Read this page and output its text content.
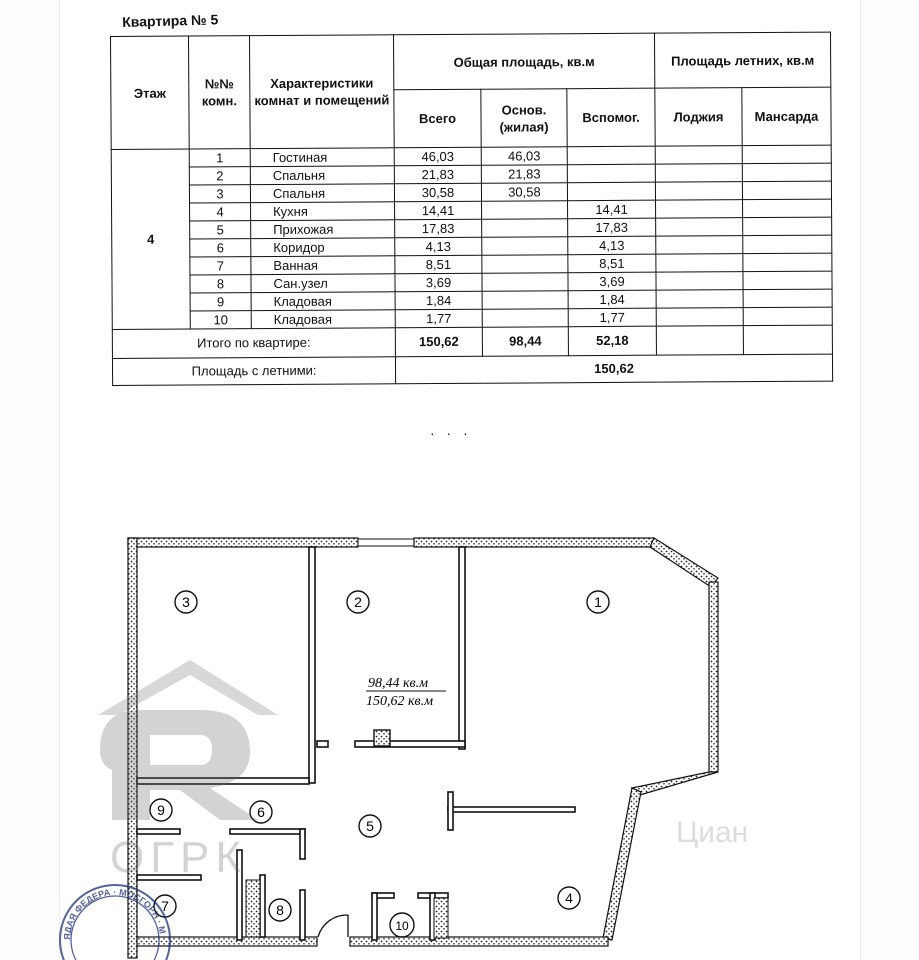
Квартира № 5
Этаж	№№ комн.	Характеристики комнат и помещений	Общая площадь, кв.м			Площадь летних, кв.м	
			Всего	Основ. (жилая)	Вспомог.	Лоджия	Мансарда
4	1	Гостиная	46,03	46,03			
	2	Спальня	21,83	21,83			
	3	Спальня	30,58	30,58			
	4	Кухня	14,41		14,41		
	5	Прихожая	17,83		17,83		
	6	Коридор	4,13		4,13		
	7	Ванная	8,51		8,51		
	8	Сан.узел	3,69		3,69		
	9	Кладовая	1,84		1,84		
	10	Кладовая	1,77		1,77		
Итого по квартире:			150,62	98,44	52,18		
Площадь с летними:			150,62				
· · ·
3	2	1
5
9	6
7	8
4
10
98,44 кв.м
150,62 кв.м
ОГРК
Циан
ЯДАЯ ФЕДЕРА · МОСГОРН · М
